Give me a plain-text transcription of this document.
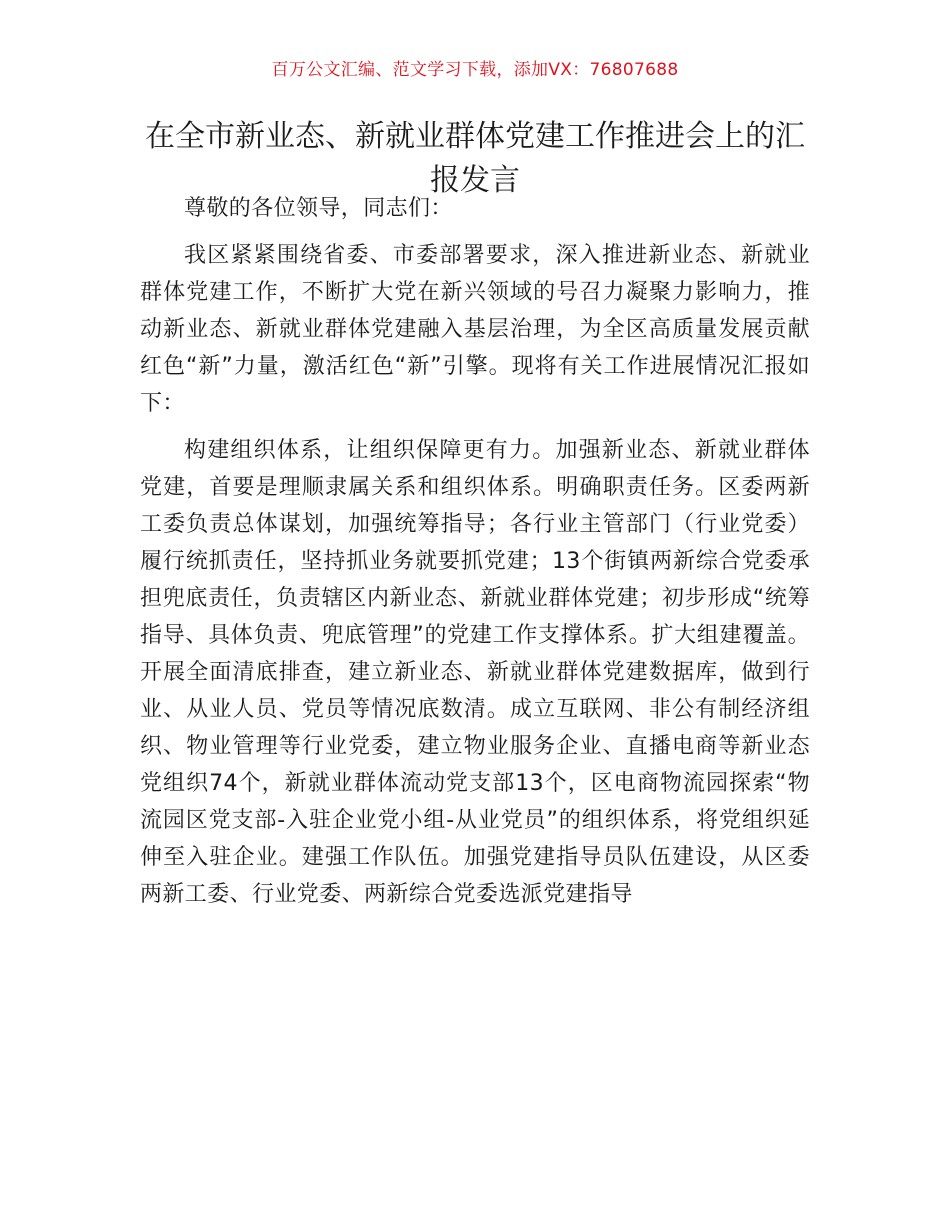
百万公文汇编、范文学习下载，添加VX：76807688
在全市新业态、新就业群体党建工作推进会上的汇报发言

尊敬的各位领导，同志们：

我区紧紧围绕省委、市委部署要求，深入推进新业态、新就业群体党建工作，不断扩大党在新兴领域的号召力凝聚力影响力，推动新业态、新就业群体党建融入基层治理，为全区高质量发展贡献红色“新”力量，激活红色“新”引擎。现将有关工作进展情况汇报如下：

构建组织体系，让组织保障更有力。加强新业态、新就业群体党建，首要是理顺隶属关系和组织体系。明确职责任务。区委两新工委负责总体谋划，加强统筹指导；各行业主管部门（行业党委）履行统抓责任，坚持抓业务就要抓党建；13个街镇两新综合党委承担兜底责任，负责辖区内新业态、新就业群体党建；初步形成“统筹指导、具体负责、兜底管理”的党建工作支撑体系。扩大组建覆盖。开展全面清底排查，建立新业态、新就业群体党建数据库，做到行业、从业人员、党员等情况底数清。成立互联网、非公有制经济组织、物业管理等行业党委，建立物业服务企业、直播电商等新业态党组织74个，新就业群体流动党支部13个，区电商物流园探索“物流园区党支部-入驻企业党小组-从业党员”的组织体系，将党组织延伸至入驻企业。建强工作队伍。加强党建指导员队伍建设，从区委两新工委、行业党委、两新综合党委选派党建指导
